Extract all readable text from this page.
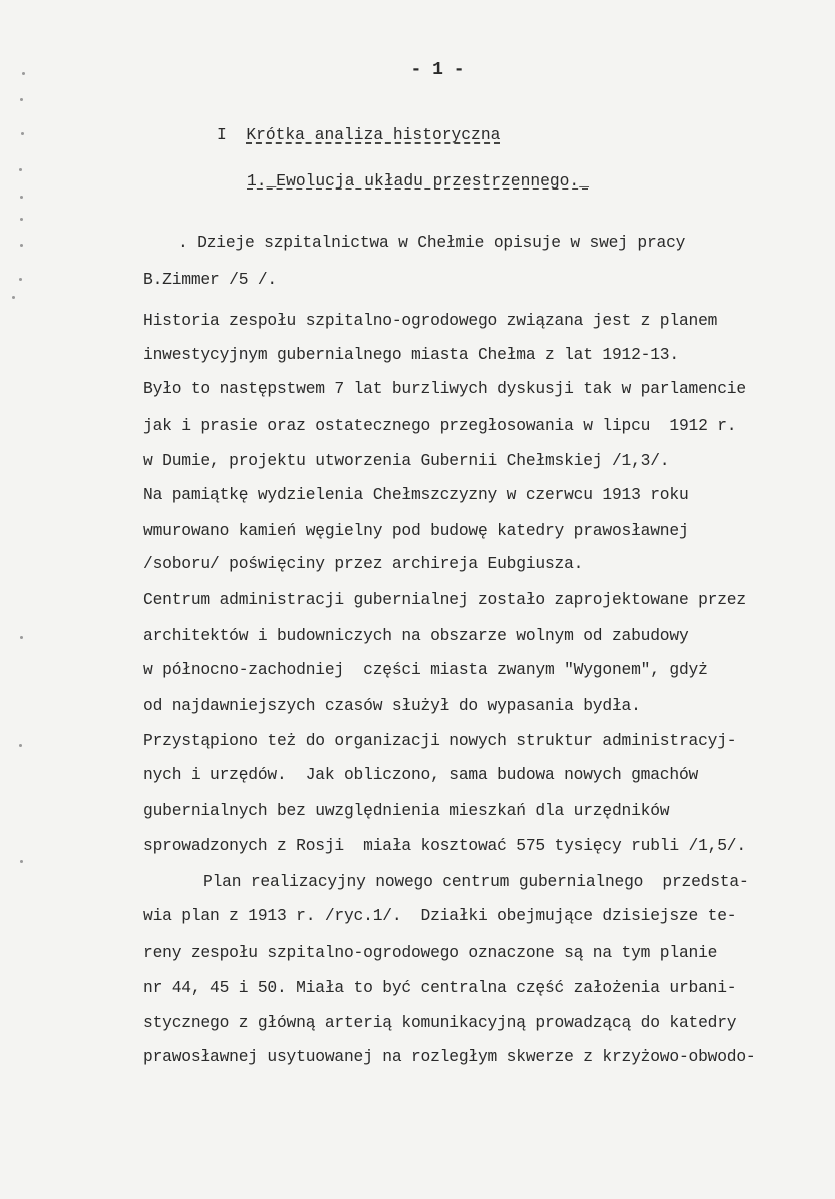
- 1 -
I Krótka analiza historyczna
1._Ewolucja układu przestrzennego._
. Dzieje szpitalnictwa w Chełmie opisuje w swej pracy
B.Zimmer /5 /.
Historia zespołu szpitalno-ogrodowego związana jest z planem
inwestycyjnym gubernialnego miasta Chełma z lat 1912-13.
Było to następstwem 7 lat burzliwych dyskusji tak w parlamencie
jak i prasie oraz ostatecznego przegłosowania w lipcu  1912 r.
w Dumie, projektu utworzenia Gubernii Chełmskiej /1,3/.
Na pamiątkę wydzielenia Chełmszczyzny w czerwcu 1913 roku
wmurowano kamień węgielny pod budowę katedry prawosławnej
/soboru/ poświęciny przez archireja Eubgiusza.
Centrum administracji gubernialnej zostało zaprojektowane przez
architektów i budowniczych na obszarze wolnym od zabudowy
w północno-zachodniej  części miasta zwanym "Wygonem", gdyż
od najdawniejszych czasów służył do wypasania bydła.
Przystąpiono też do organizacji nowych struktur administracyj-
nych i urzędów.  Jak obliczono, sama budowa nowych gmachów
gubernialnych bez uwzględnienia mieszkań dla urzędników
sprowadzonych z Rosji  miała kosztować 575 tysięcy rubli /1,5/.
Plan realizacyjny nowego centrum gubernialnego  przedsta-
wia plan z 1913 r. /ryc.1/.  Działki obejmujące dzisiejsze te-
reny zespołu szpitalno-ogrodowego oznaczone są na tym planie
nr 44, 45 i 50. Miała to być centralna część założenia urbani-
stycznego z główną arterią komunikacyjną prowadzącą do katedry
prawosławnej usytuowanej na rozległym skwerze z krzyżowo-obwodo-
